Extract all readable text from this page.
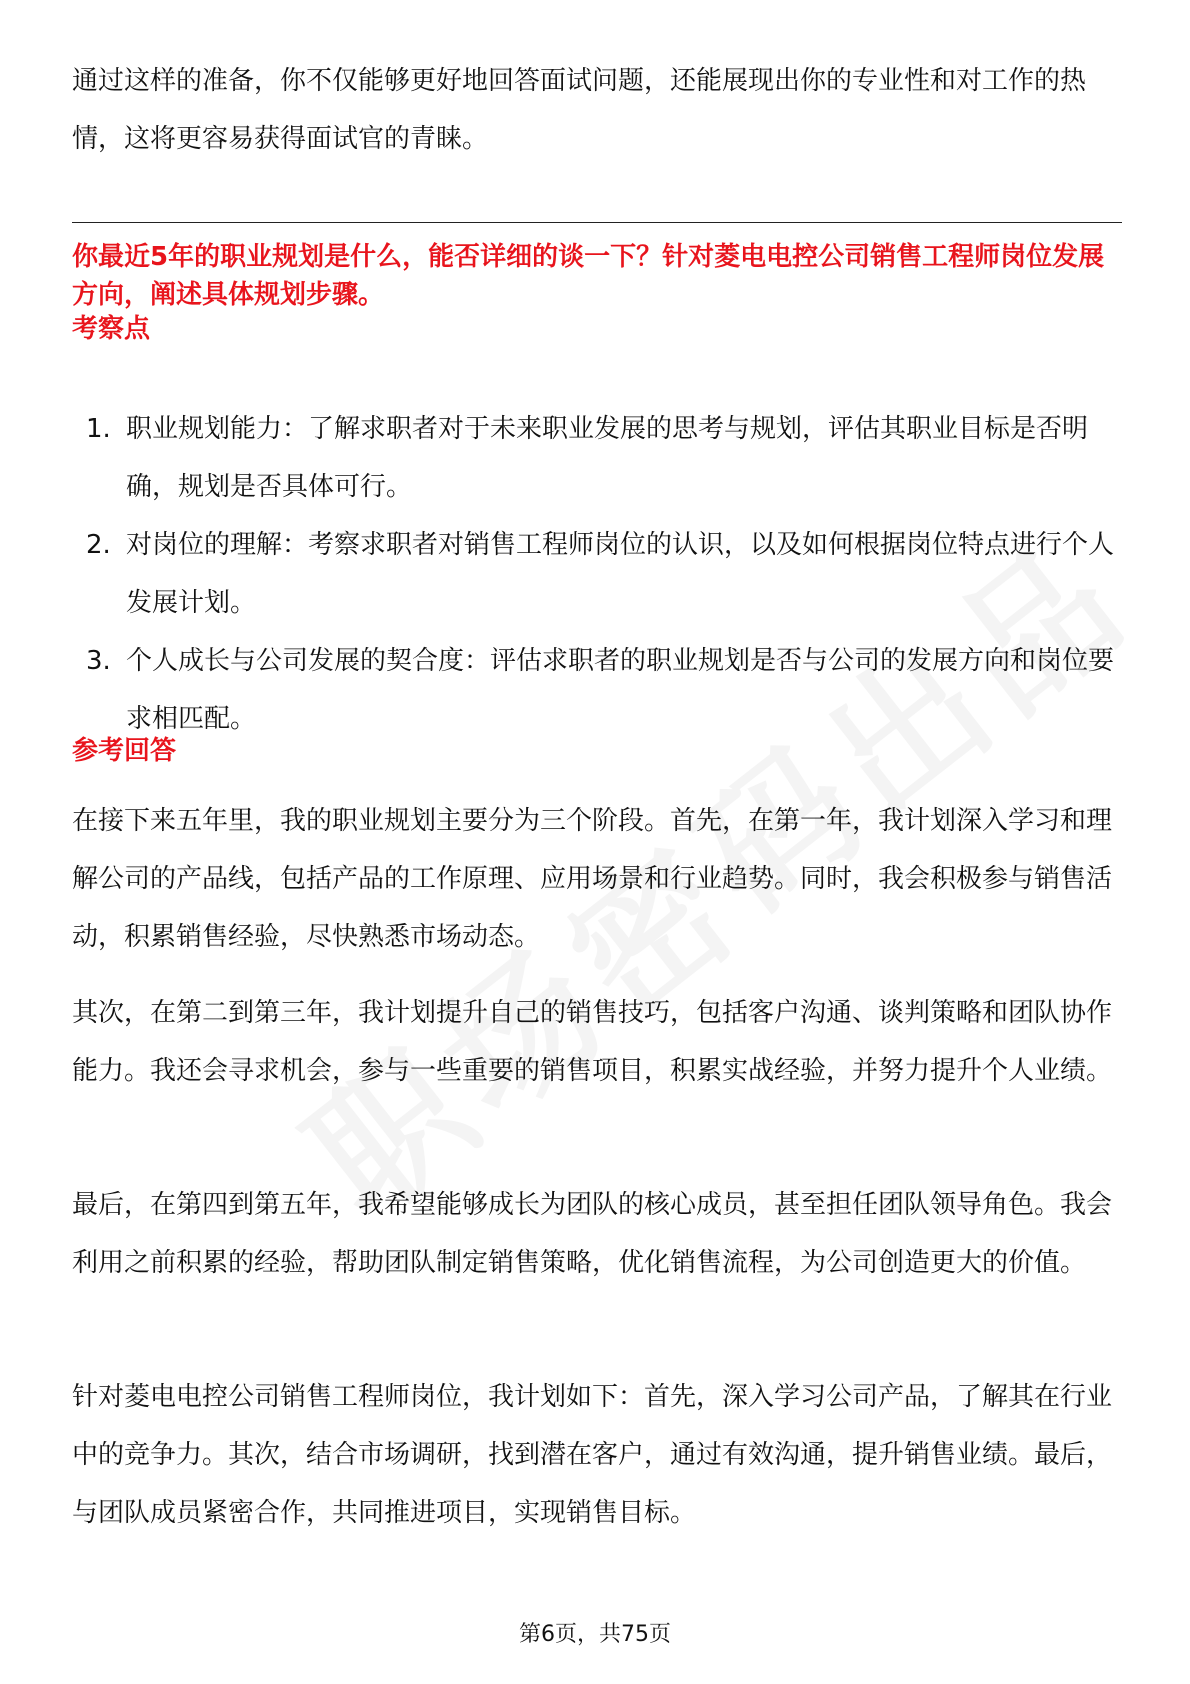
通过这样的准备，你不仅能够更好地回答面试问题，还能展现出你的专业性和对工作的热情，这将更容易获得面试官的青睐。

你最近5年的职业规划是什么，能否详细的谈一下？针对菱电电控公司销售工程师岗位发展方向，阐述具体规划步骤。

考察点

1. 职业规划能力：了解求职者对于未来职业发展的思考与规划，评估其职业目标是否明确，规划是否具体可行。
2. 对岗位的理解：考察求职者对销售工程师岗位的认识，以及如何根据岗位特点进行个人发展计划。
3. 个人成长与公司发展的契合度：评估求职者的职业规划是否与公司的发展方向和岗位要求相匹配。

参考回答

在接下来五年里，我的职业规划主要分为三个阶段。首先，在第一年，我计划深入学习和理解公司的产品线，包括产品的工作原理、应用场景和行业趋势。同时，我会积极参与销售活动，积累销售经验，尽快熟悉市场动态。

其次，在第二到第三年，我计划提升自己的销售技巧，包括客户沟通、谈判策略和团队协作能力。我还会寻求机会，参与一些重要的销售项目，积累实战经验，并努力提升个人业绩。

最后，在第四到第五年，我希望能够成长为团队的核心成员，甚至担任团队领导角色。我会利用之前积累的经验，帮助团队制定销售策略，优化销售流程，为公司创造更大的价值。

针对菱电电控公司销售工程师岗位，我计划如下：首先，深入学习公司产品，了解其在行业中的竞争力。其次，结合市场调研，找到潜在客户，通过有效沟通，提升销售业绩。最后，与团队成员紧密合作，共同推进项目，实现销售目标。

第6页，共75页
